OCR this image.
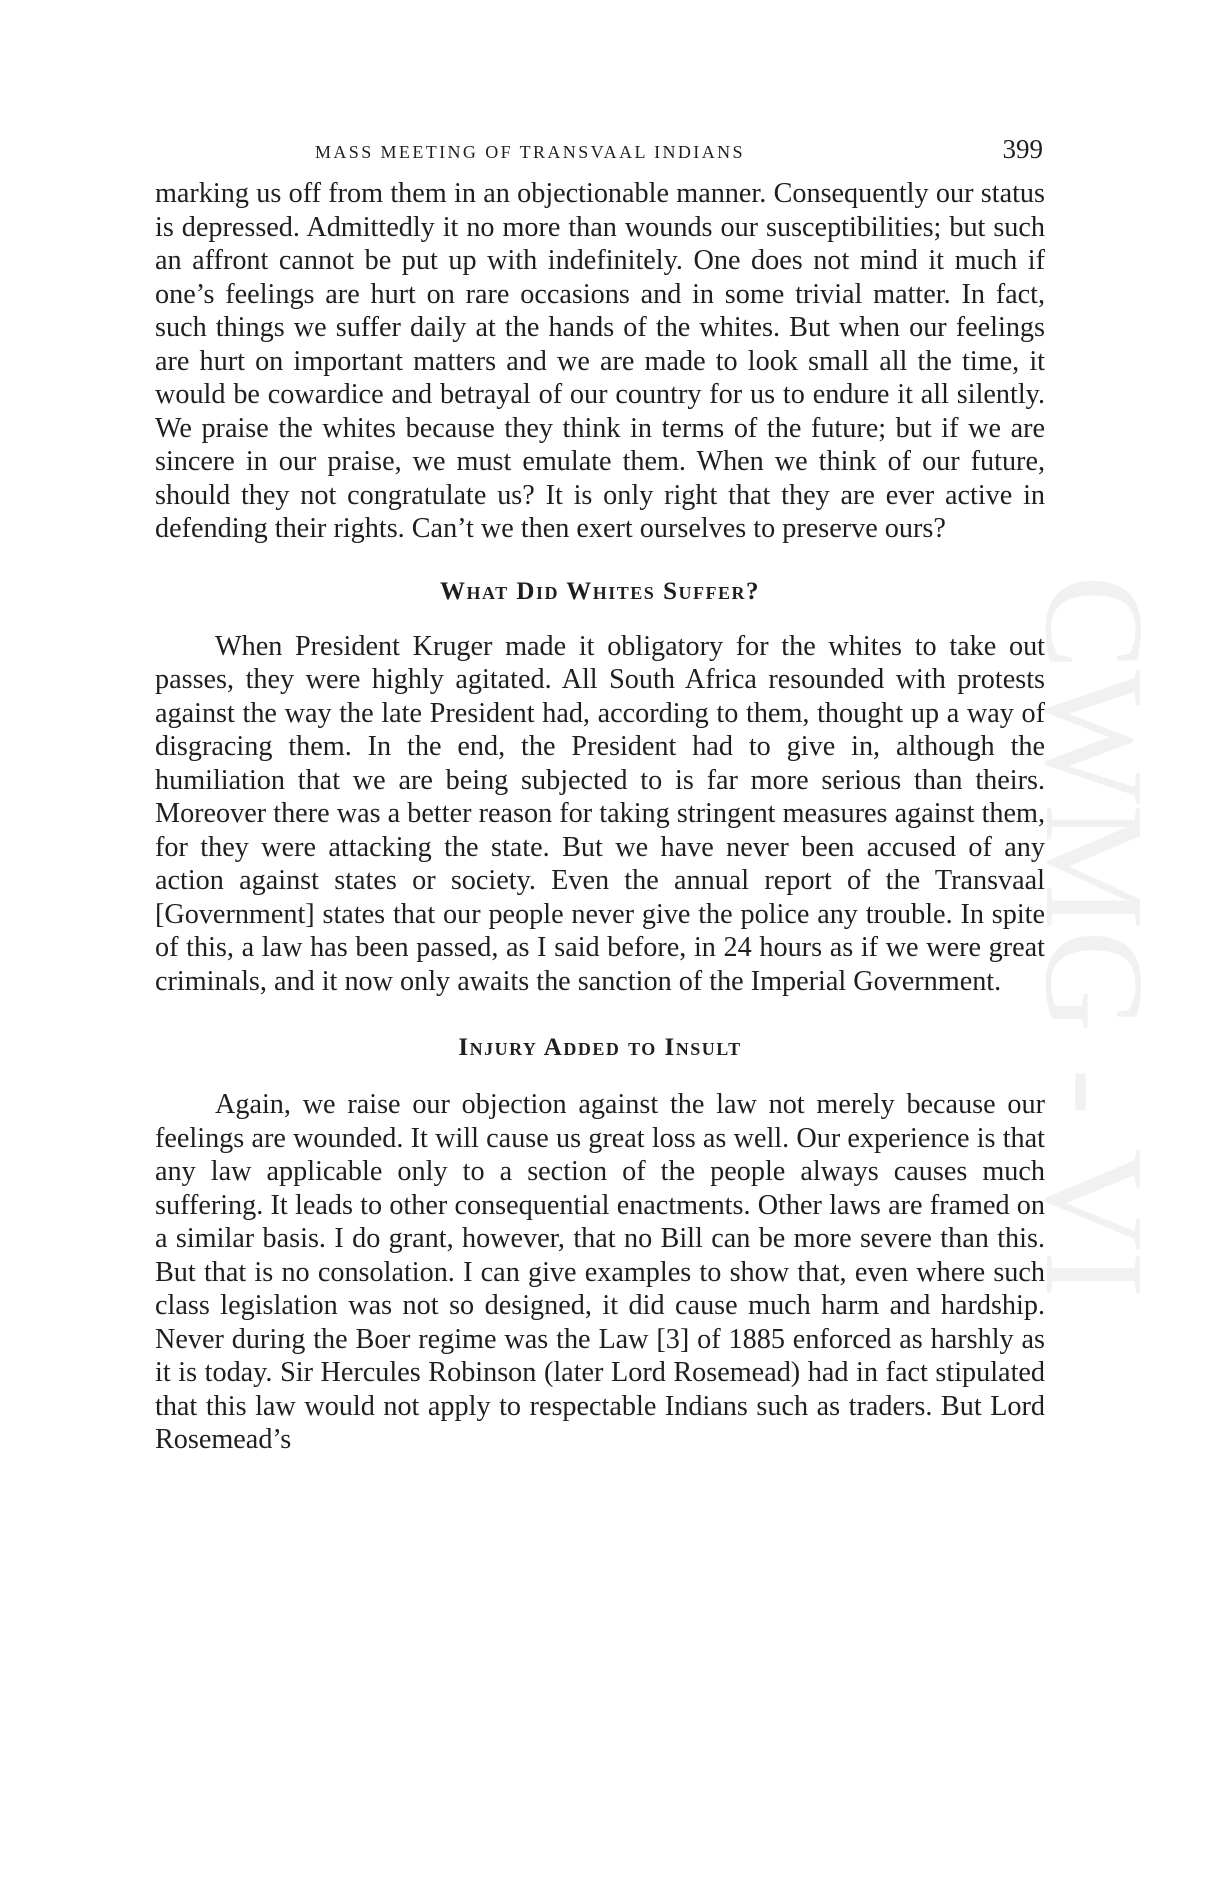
MASS MEETING OF TRANSVAAL INDIANS	399
CWMG - VI

marking us off from them in an objectionable manner. Consequently our status is depressed. Admittedly it no more than wounds our susceptibilities; but such an affront cannot be put up with indefinitely. One does not mind it much if one’s feelings are hurt on rare occasions and in some trivial matter. In fact, such things we suffer daily at the hands of the whites. But when our feelings are hurt on important matters and we are made to look small all the time, it would be cowardice and betrayal of our country for us to endure it all silently. We praise the whites because they think in terms of the future; but if we are sincere in our praise, we must emulate them. When we think of our future, should they not congratulate us? It is only right that they are ever active in defending their rights. Can’t we then exert ourselves to preserve ours?

What Did Whites Suffer?

When President Kruger made it obligatory for the whites to take out passes, they were highly agitated. All South Africa resounded with protests against the way the late President had, according to them, thought up a way of disgracing them. In the end, the President had to give in, although the humiliation that we are being subjected to is far more serious than theirs. Moreover there was a better reason for taking stringent measures against them, for they were attacking the state. But we have never been accused of any action against states or society. Even the annual report of the Transvaal [Government] states that our people never give the police any trouble. In spite of this, a law has been passed, as I said before, in 24 hours as if we were great criminals, and it now only awaits the sanction of the Imperial Government.

Injury Added to Insult

Again, we raise our objection against the law not merely because our feelings are wounded. It will cause us great loss as well. Our experience is that any law applicable only to a section of the people always causes much suffering. It leads to other consequential enactments. Other laws are framed on a similar basis. I do grant, however, that no Bill can be more severe than this. But that is no consolation. I can give examples to show that, even where such class legislation was not so designed, it did cause much harm and hardship. Never during the Boer regime was the Law [3] of 1885 enforced as harshly as it is today. Sir Hercules Robinson (later Lord Rosemead) had in fact stipulated that this law would not apply to respectable Indians such as traders. But Lord Rosemead’s
